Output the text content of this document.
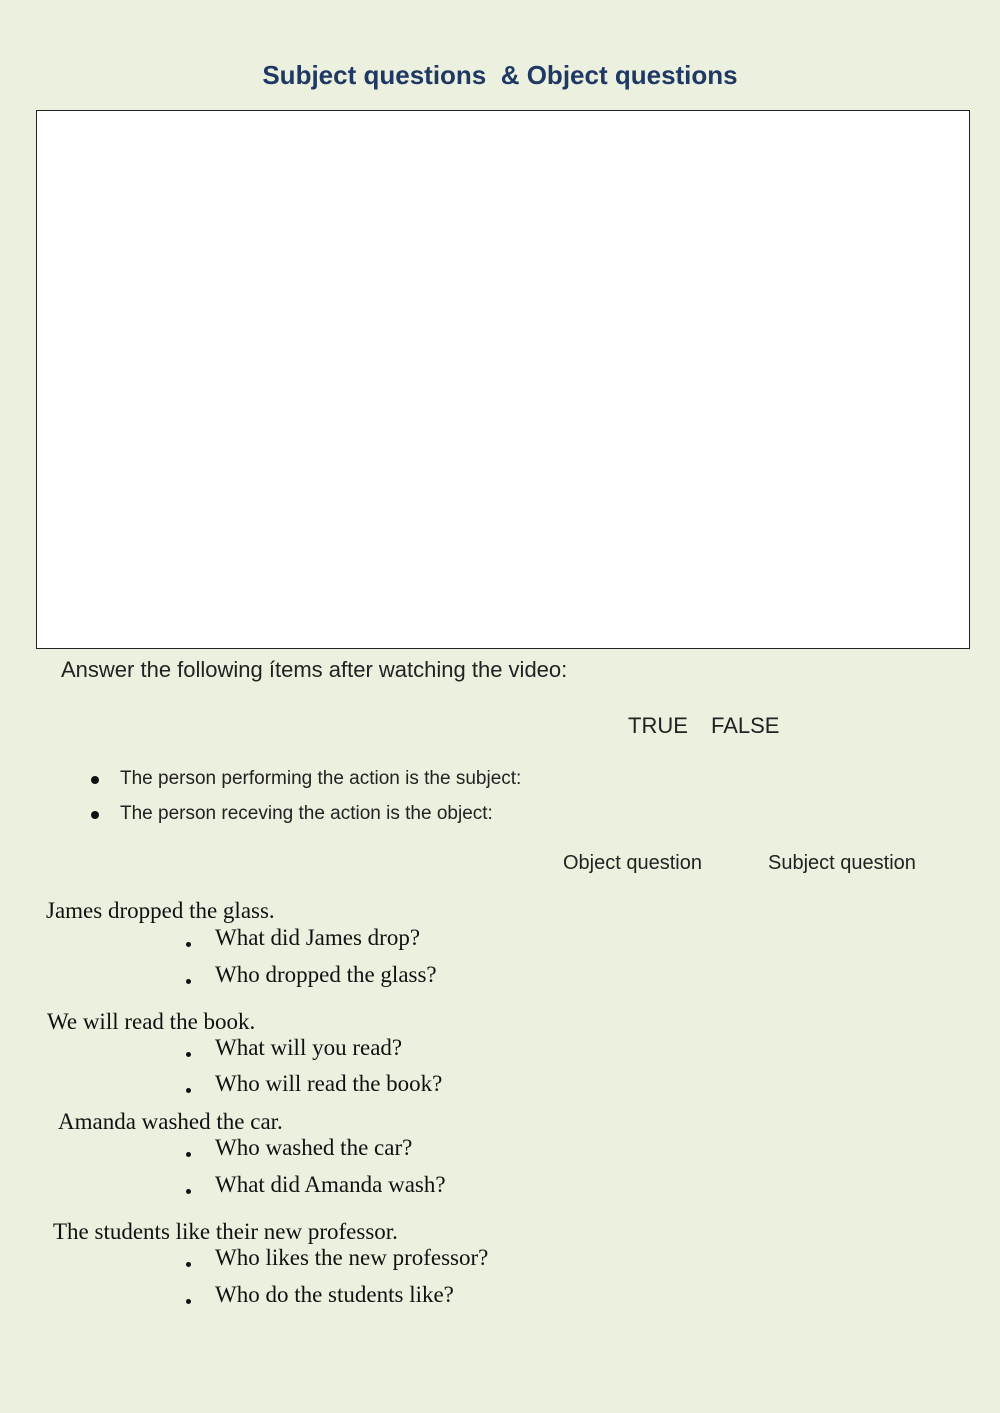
Subject questions  & Object questions
Answer the following ítems after watching the video:
TRUE FALSE
The person performing the action is the subject:
The person receving the action is the object:
Object question	Subject question
James dropped the glass.
What did James drop?
Who dropped the glass?
We will read the book.
What will you read?
Who will read the book?
Amanda washed the car.
Who washed the car?
What did Amanda wash?
The students like their new professor.
Who likes the new professor?
Who do the students like?
